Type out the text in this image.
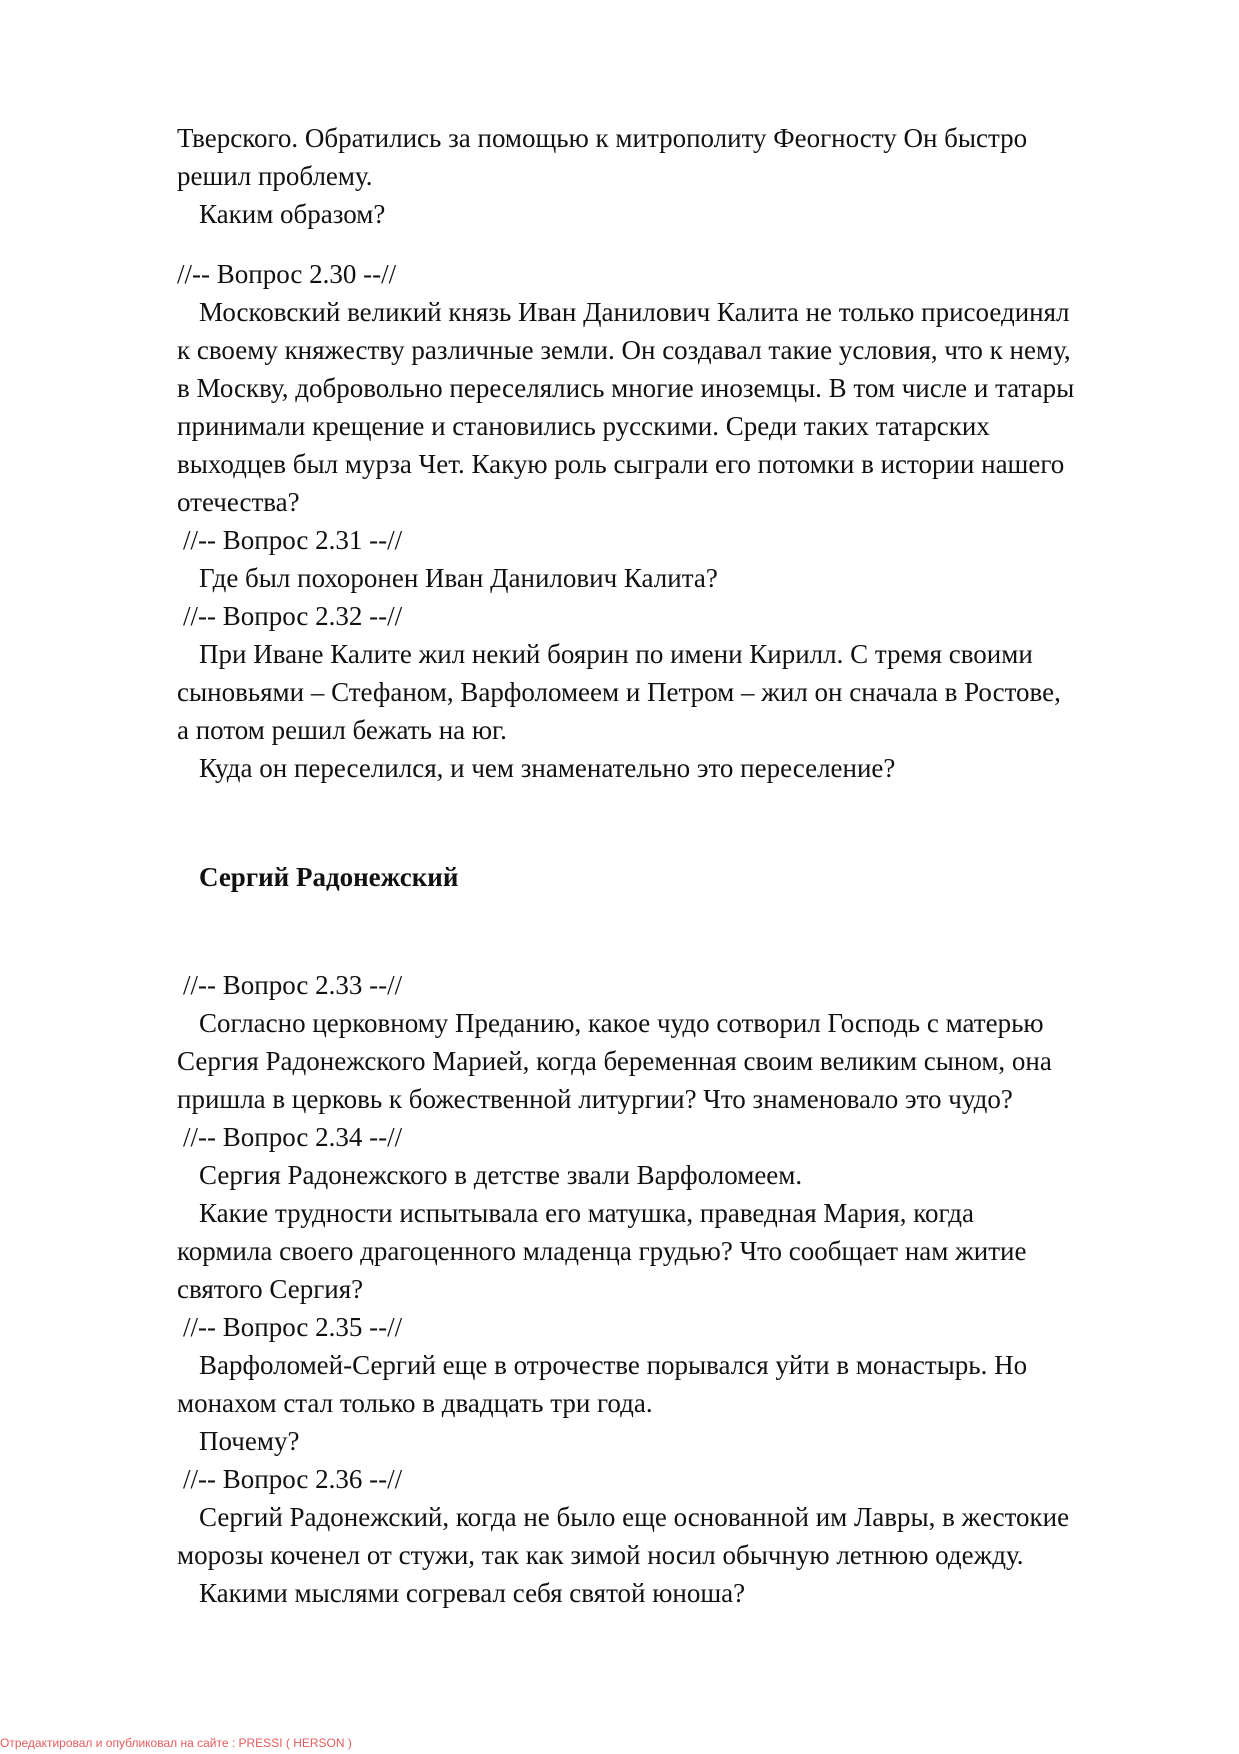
Тверского. Обратились за помощью к митрополиту Феогносту Он быстро
решил проблему.
Каким образом?
//-- Вопрос 2.30 --//
Московский великий князь Иван Данилович Калита не только присоединял
к своему княжеству различные земли. Он создавал такие условия, что к нему,
в Москву, добровольно переселялись многие иноземцы. В том числе и татары
принимали крещение и становились русскими. Среди таких татарских
выходцев был мурза Чет. Какую роль сыграли его потомки в истории нашего
отечества?
//-- Вопрос 2.31 --//
Где был похоронен Иван Данилович Калита?
//-- Вопрос 2.32 --//
При Иване Калите жил некий боярин по имени Кирилл. С тремя своими
сыновьями – Стефаном, Варфоломеем и Петром – жил он сначала в Ростове,
а потом решил бежать на юг.
Куда он переселился, и чем знаменательно это переселение?
Сергий Радонежский
//-- Вопрос 2.33 --//
Согласно церковному Преданию, какое чудо сотворил Господь с матерью
Сергия Радонежского Марией, когда беременная своим великим сыном, она
пришла в церковь к божественной литургии? Что знаменовало это чудо?
//-- Вопрос 2.34 --//
Сергия Радонежского в детстве звали Варфоломеем.
Какие трудности испытывала его матушка, праведная Мария, когда
кормила своего драгоценного младенца грудью? Что сообщает нам житие
святого Сергия?
//-- Вопрос 2.35 --//
Варфоломей-Сергий еще в отрочестве порывался уйти в монастырь. Но
монахом стал только в двадцать три года.
Почему?
//-- Вопрос 2.36 --//
Сергий Радонежский, когда не было еще основанной им Лавры, в жестокие
морозы коченел от стужи, так как зимой носил обычную летнюю одежду.
Какими мыслями согревал себя святой юноша?
Отредактировал и опубликовал на сайте : PRESSI ( HERSON )
